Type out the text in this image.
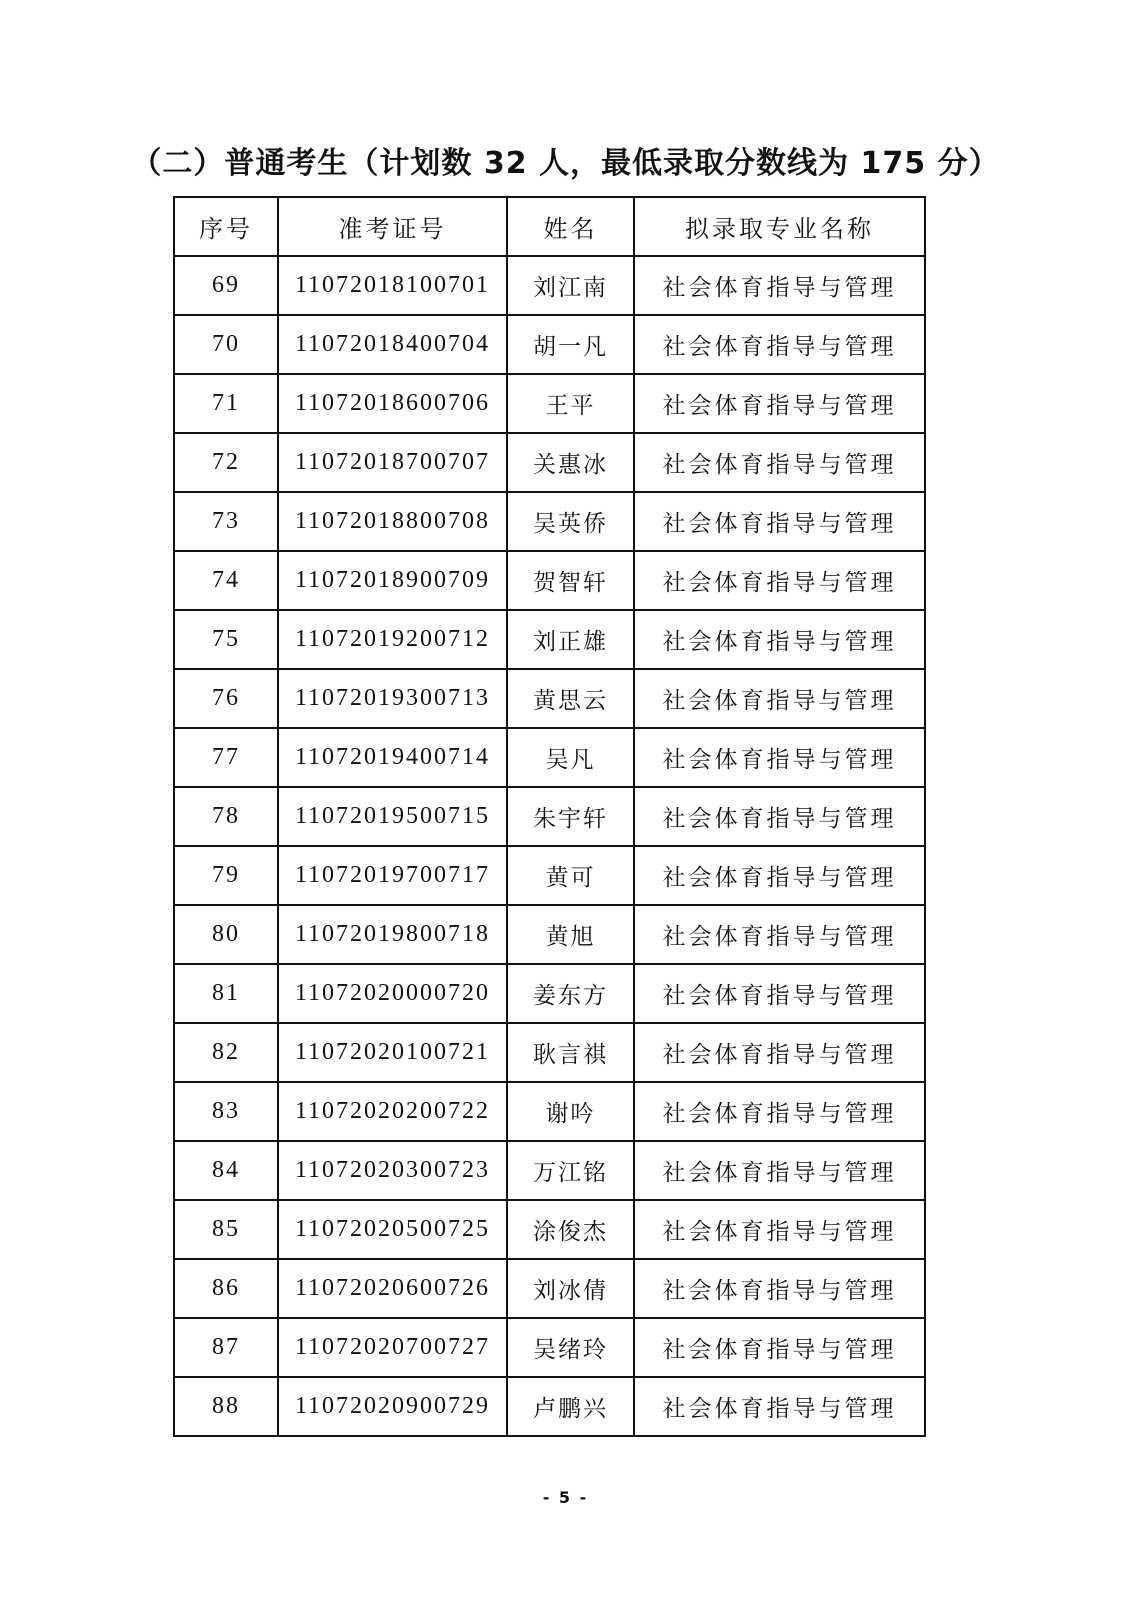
（二）普通考生（计划数 32 人，最低录取分数线为 175 分）
序号	准考证号	姓名	拟录取专业名称
69	11072018100701	刘江南	社会体育指导与管理
70	11072018400704	胡一凡	社会体育指导与管理
71	11072018600706	王平	社会体育指导与管理
72	11072018700707	关惠冰	社会体育指导与管理
73	11072018800708	吴英侨	社会体育指导与管理
74	11072018900709	贺智轩	社会体育指导与管理
75	11072019200712	刘正雄	社会体育指导与管理
76	11072019300713	黄思云	社会体育指导与管理
77	11072019400714	吴凡	社会体育指导与管理
78	11072019500715	朱宇轩	社会体育指导与管理
79	11072019700717	黄可	社会体育指导与管理
80	11072019800718	黄旭	社会体育指导与管理
81	11072020000720	姜东方	社会体育指导与管理
82	11072020100721	耿言祺	社会体育指导与管理
83	11072020200722	谢吟	社会体育指导与管理
84	11072020300723	万江铭	社会体育指导与管理
85	11072020500725	涂俊杰	社会体育指导与管理
86	11072020600726	刘冰倩	社会体育指导与管理
87	11072020700727	吴绪玲	社会体育指导与管理
88	11072020900729	卢鹏兴	社会体育指导与管理
- 5 -
